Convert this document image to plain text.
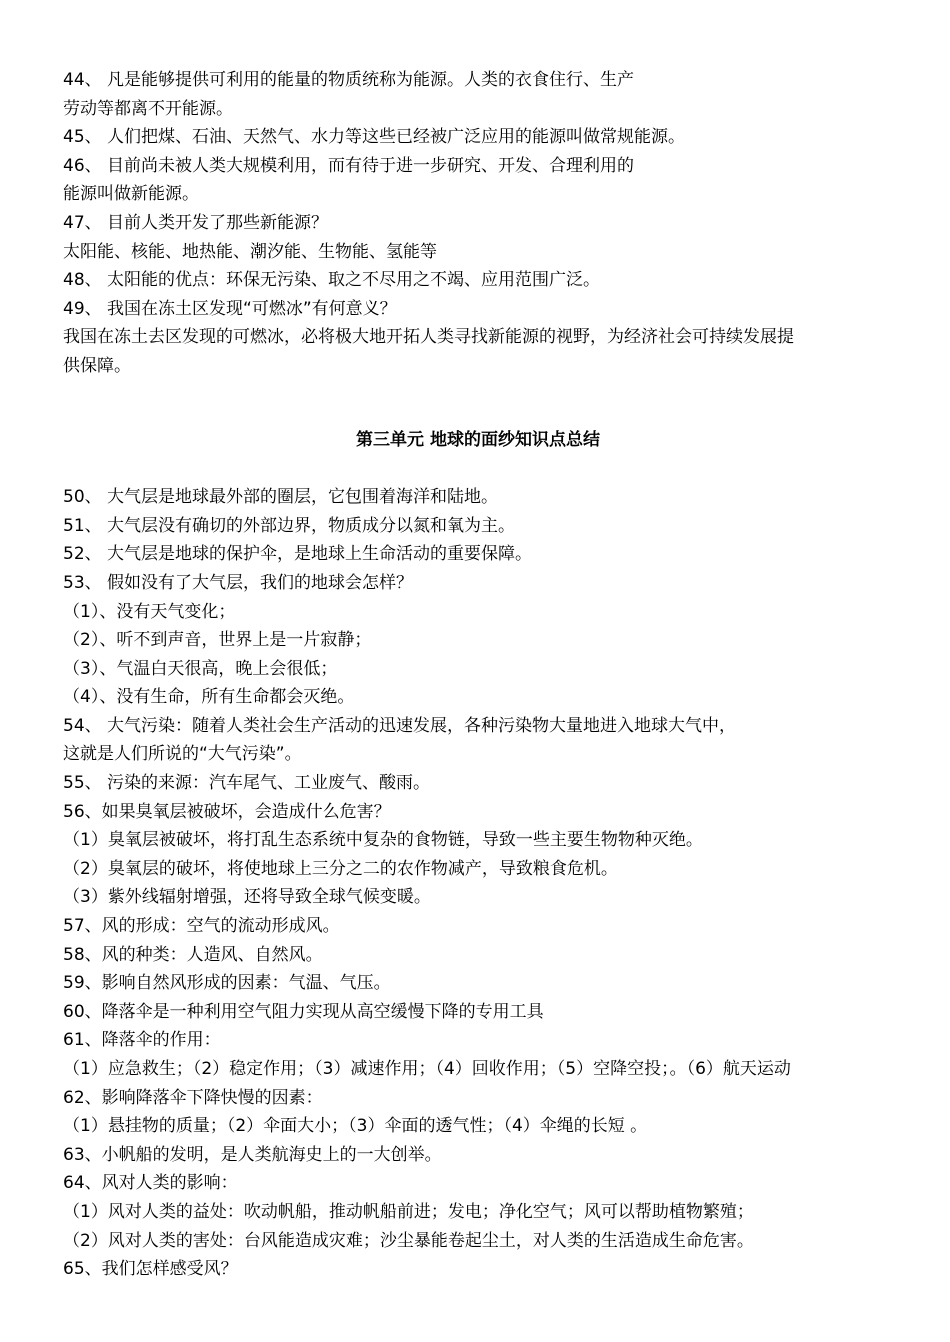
44、 凡是能够提供可利用的能量的物质统称为能源。人类的衣食住行、生产
劳动等都离不开能源。
45、 人们把煤、石油、天然气、水力等这些已经被广泛应用的能源叫做常规能源。
46、 目前尚未被人类大规模利用，而有待于进一步研究、开发、合理利用的
能源叫做新能源。
47、 目前人类开发了那些新能源？
太阳能、核能、地热能、潮汐能、生物能、氢能等
48、 太阳能的优点：环保无污染、取之不尽用之不竭、应用范围广泛。
49、 我国在冻土区发现“可燃冰”有何意义？
我国在冻土去区发现的可燃冰，必将极大地开拓人类寻找新能源的视野，为经济社会可持续发展提
供保障。
第三单元 地球的面纱知识点总结
50、 大气层是地球最外部的圈层，它包围着海洋和陆地。
51、 大气层没有确切的外部边界，物质成分以氮和氧为主。
52、 大气层是地球的保护伞，是地球上生命活动的重要保障。
53、 假如没有了大气层，我们的地球会怎样？
（1）、没有天气变化；
（2）、听不到声音，世界上是一片寂静；
（3）、气温白天很高，晚上会很低；
（4）、没有生命，所有生命都会灭绝。
54、 大气污染：随着人类社会生产活动的迅速发展，各种污染物大量地进入地球大气中，
这就是人们所说的“大气污染”。
55、 污染的来源：汽车尾气、工业废气、酸雨。
56、如果臭氧层被破坏，会造成什么危害？
（1）臭氧层被破坏，将打乱生态系统中复杂的食物链，导致一些主要生物物种灭绝。
（2）臭氧层的破坏，将使地球上三分之二的农作物减产，导致粮食危机。
（3）紫外线辐射增强，还将导致全球气候变暖。
57、风的形成：空气的流动形成风。
58、风的种类：人造风、自然风。
59、影响自然风形成的因素：气温、气压。
60、降落伞是一种利用空气阻力实现从高空缓慢下降的专用工具
61、降落伞的作用：
（1）应急救生；（2）稳定作用；（3）减速作用；（4）回收作用；（5）空降空投；。（6）航天运动
62、影响降落伞下降快慢的因素：
（1）悬挂物的质量；（2）伞面大小；（3）伞面的透气性；（4）伞绳的长短 。
63、小帆船的发明，是人类航海史上的一大创举。
64、风对人类的影响：
（1）风对人类的益处：吹动帆船，推动帆船前进；发电；净化空气；风可以帮助植物繁殖；
（2）风对人类的害处：台风能造成灾难；沙尘暴能卷起尘土，对人类的生活造成生命危害。
65、我们怎样感受风？
